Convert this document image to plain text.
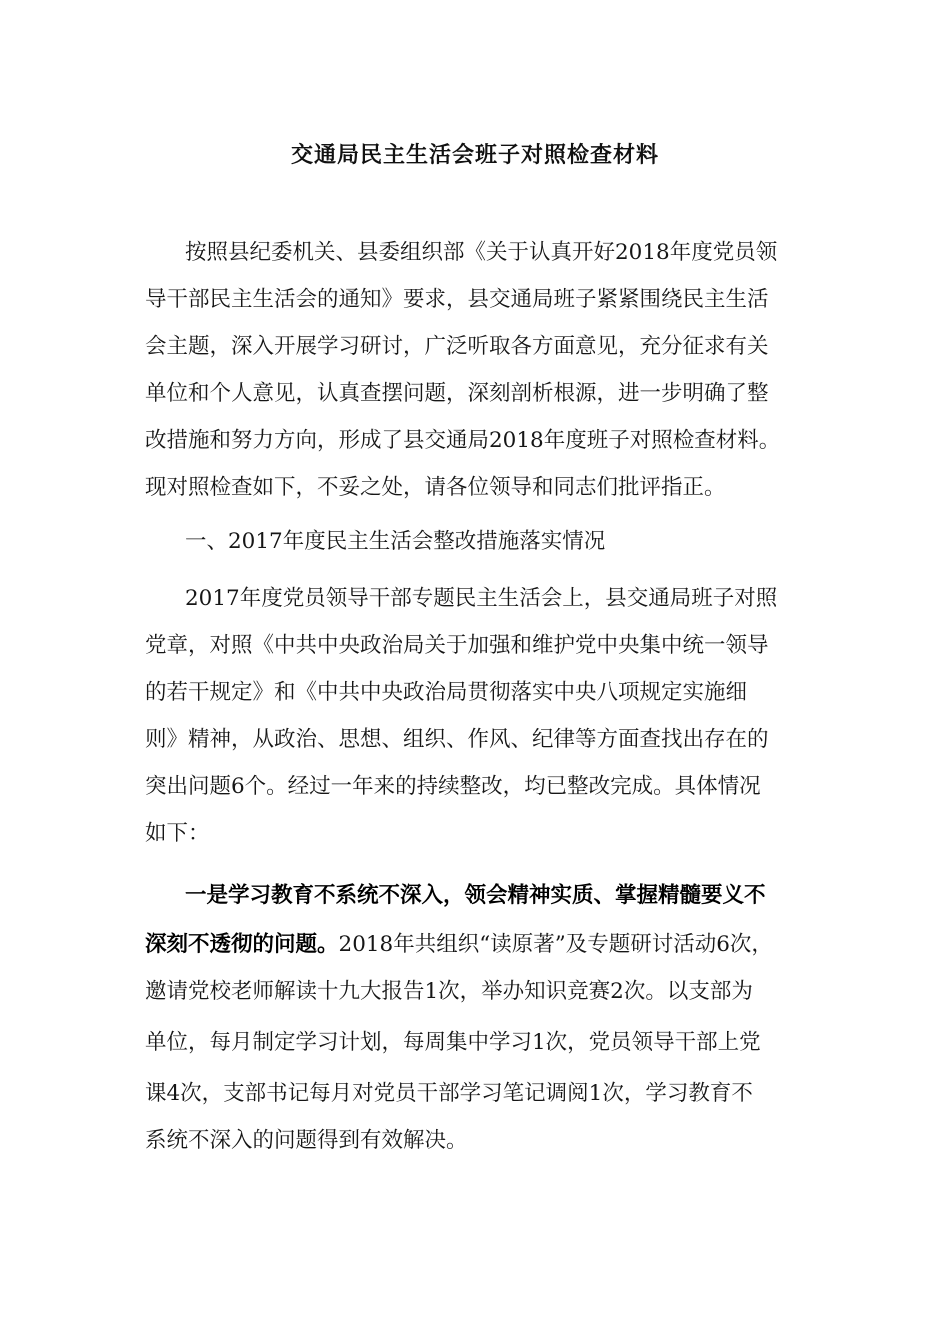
交通局民主生活会班子对照检查材料
按照县纪委机关、县委组织部《关于认真开好2018年度党员领
导干部民主生活会的通知》要求，县交通局班子紧紧围绕民主生活
会主题，深入开展学习研讨，广泛听取各方面意见，充分征求有关
单位和个人意见，认真查摆问题，深刻剖析根源，进一步明确了整
改措施和努力方向，形成了县交通局2018年度班子对照检查材料。
现对照检查如下，不妥之处，请各位领导和同志们批评指正。
一、2017年度民主生活会整改措施落实情况
2017年度党员领导干部专题民主生活会上，县交通局班子对照
党章，对照《中共中央政治局关于加强和维护党中央集中统一领导
的若干规定》和《中共中央政治局贯彻落实中央八项规定实施细
则》精神，从政治、思想、组织、作风、纪律等方面查找出存在的
突出问题6个。经过一年来的持续整改，均已整改完成。具体情况
如下：
一是学习教育不系统不深入，领会精神实质、掌握精髓要义不
深刻不透彻的问题。2018年共组织“读原著”及专题研讨活动6次，
邀请党校老师解读十九大报告1次，举办知识竞赛2次。以支部为
单位，每月制定学习计划，每周集中学习1次，党员领导干部上党
课4次，支部书记每月对党员干部学习笔记调阅1次，学习教育不
系统不深入的问题得到有效解决。
